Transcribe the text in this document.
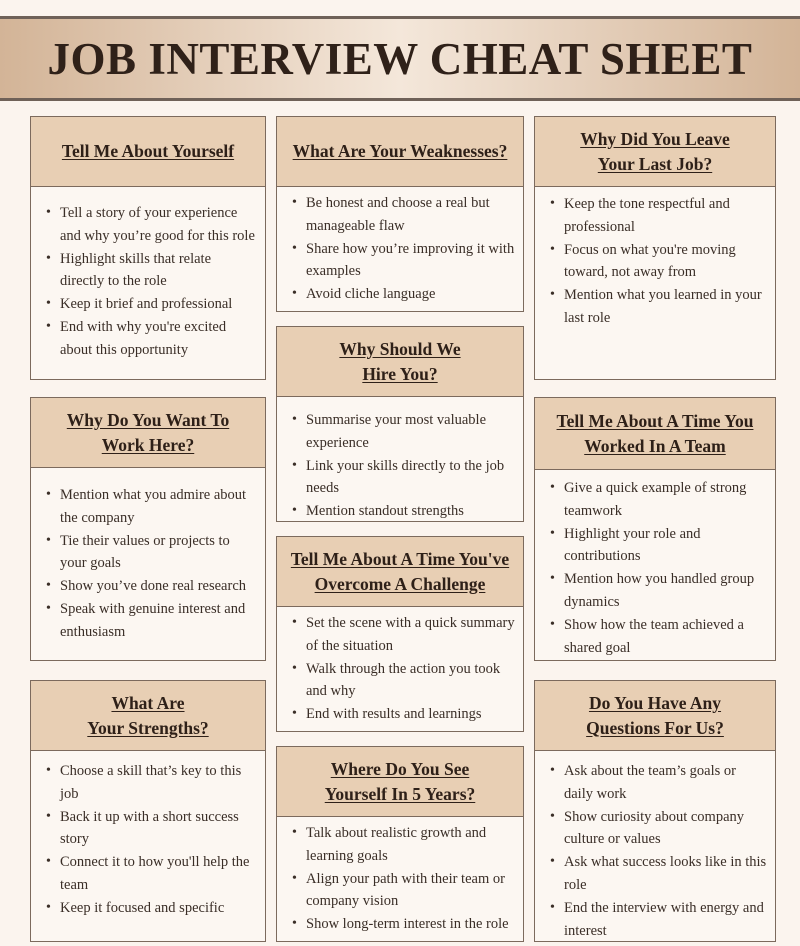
JOB INTERVIEW CHEAT SHEET
Tell Me About Yourself
• Tell a story of your experience and why you’re good for this role
• Highlight skills that relate directly to the role
• Keep it brief and professional
• End with why you're excited about this opportunity
What Are Your Weaknesses?
• Be honest and choose a real but manageable flaw
• Share how you’re improving it with examples
• Avoid cliche language
Why Did You Leave
Your Last Job?
• Keep the tone respectful and professional
• Focus on what you're moving toward, not away from
• Mention what you learned in your last role
Why Should We
Hire You?
• Summarise your most valuable experience
• Link your skills directly to the job needs
• Mention standout strengths
Why Do You Want To
Work Here?
• Mention what you admire about the company
• Tie their values or projects to your goals
• Show you’ve done real research
• Speak with genuine interest and enthusiasm
Tell Me About A Time You
Worked In A Team
• Give a quick example of strong teamwork
• Highlight your role and contributions
• Mention how you handled group dynamics
• Show how the team achieved a shared goal
Tell Me About A Time You've
Overcome A Challenge
• Set the scene with a quick summary of the situation
• Walk through the action you took and why
• End with results and learnings
What Are
Your Strengths?
• Choose a skill that’s key to this job
• Back it up with a short success story
• Connect it to how you'll help the team
• Keep it focused and specific
Where Do You See
Yourself In 5 Years?
• Talk about realistic growth and learning goals
• Align your path with their team or company vision
• Show long-term interest in the role
Do You Have Any
Questions For Us?
• Ask about the team’s goals or daily work
• Show curiosity about company culture or values
• Ask what success looks like in this role
• End the interview with energy and interest
